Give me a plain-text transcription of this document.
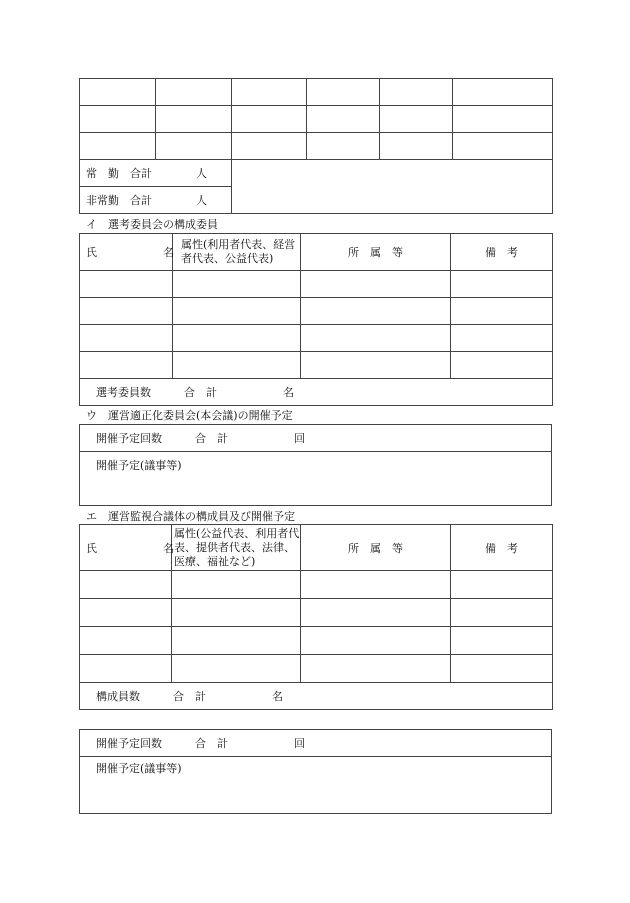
常　勤　合計　　　　人					
非常勤　合計　　　　人					
イ　選考委員会の構成委員
氏　　　　　　名	属性(利用者代表、経営者代表、公益代表)	所　属　等	備　考

選考委員数　　　合　計　　　　　　名			
ウ　運営適正化委員会(本会議)の開催予定
開催予定回数　　　合　計　　　　　　回
開催予定(議事等)
エ　運営監視合議体の構成員及び開催予定
氏　　　　　　名	属性(公益代表、利用者代表、提供者代表、法律、医療、福祉など)	所　属　等	備　考

構成員数　　　合　計　　　　　　名			
開催予定回数　　　合　計　　　　　　回
開催予定(議事等)
